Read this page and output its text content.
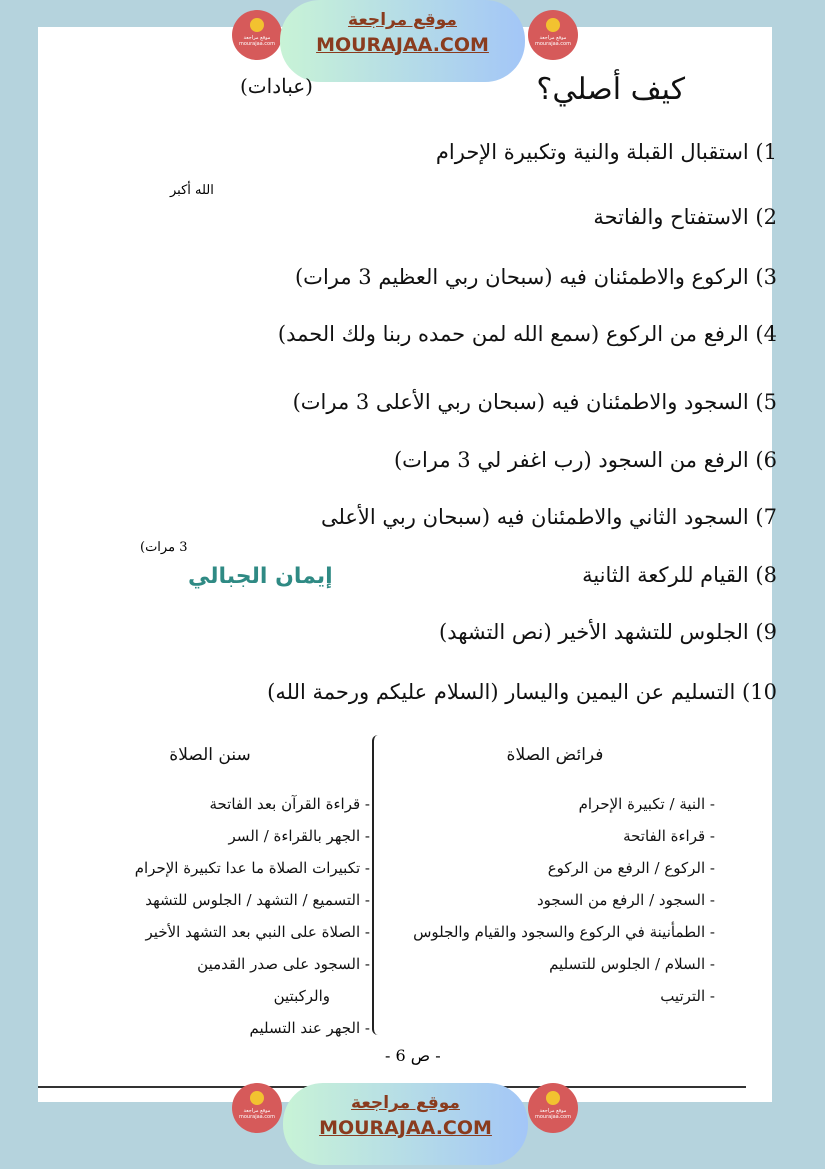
موقع مراجعة
mourajaa.com
موقع مراجعة
MOURAJAA.COM	موقع مراجعة
mourajaa.com
كيف أصلي؟
(عبادات)
1) استقبال القبلة والنية وتكبيرة الإحرام
الله أكبر
2) الاستفتاح والفاتحة
3) الركوع والاطمئنان فيه (سبحان ربي العظيم 3 مرات)
4) الرفع من الركوع (سمع الله لمن حمده ربنا ولك الحمد)
5) السجود والاطمئنان فيه (سبحان ربي الأعلى 3 مرات)
6) الرفع من السجود (رب اغفر لي 3 مرات)
7) السجود الثاني والاطمئنان فيه (سبحان ربي الأعلى
3 مرات)
8) القيام للركعة الثانية
إيمان الجبالي
9) الجلوس للتشهد الأخير (نص التشهد)
10) التسليم عن اليمين واليسار (السلام عليكم ورحمة الله)
فرائض الصلاة
- النية / تكبيرة الإحرام
- قراءة الفاتحة
- الركوع / الرفع من الركوع
- السجود / الرفع من السجود
- الطمأنينة في الركوع والسجود والقيام والجلوس
- السلام / الجلوس للتسليم
- الترتيب
سنن الصلاة
- قراءة القرآن بعد الفاتحة
- الجهر بالقراءة / السر
- تكبيرات الصلاة ما عدا تكبيرة الإحرام
- التسميع / التشهد / الجلوس للتشهد
- الصلاة على النبي بعد التشهد الأخير
- السجود على صدر القدمين
والركبتين
- الجهر عند التسليم
- ص 6 -
موقع مراجعة
mourajaa.com
موقع مراجعة
MOURAJAA.COM
موقع مراجعة
mourajaa.com
